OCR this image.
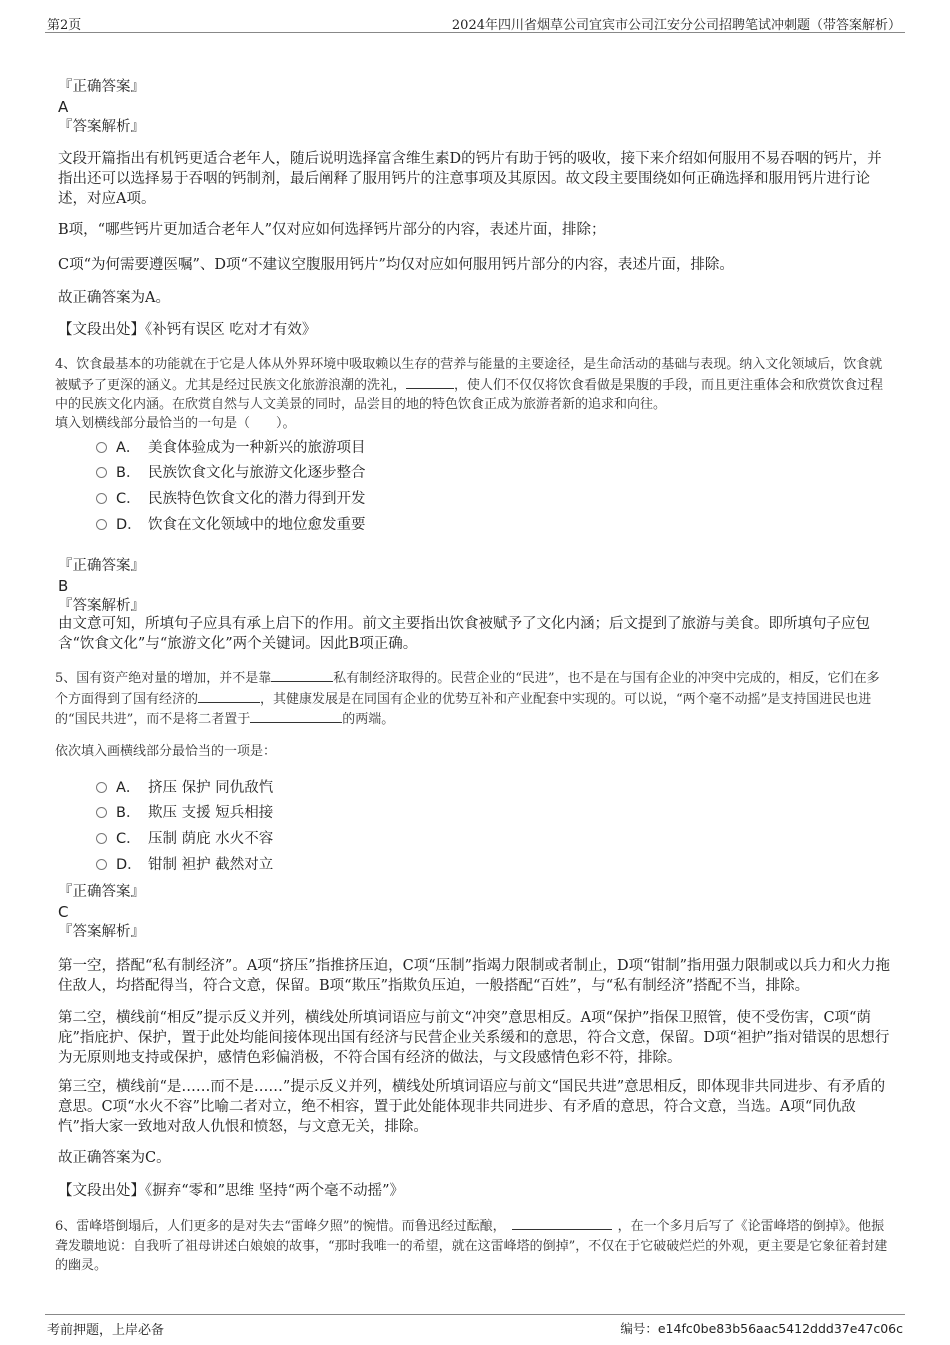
第2页	2024年四川省烟草公司宜宾市公司江安分公司招聘笔试冲刺题（带答案解析）
『正确答案』
A
『答案解析』
文段开篇指出有机钙更适合老年人，随后说明选择富含维生素D的钙片有助于钙的吸收，接下来介绍如何服用不易吞咽的钙片，并指出还可以选择易于吞咽的钙制剂，最后阐释了服用钙片的注意事项及其原因。故文段主要围绕如何正确选择和服用钙片进行论述，对应A项。
B项，“哪些钙片更加适合老年人”仅对应如何选择钙片部分的内容，表述片面，排除；
C项“为何需要遵医嘱”、D项“不建议空腹服用钙片”均仅对应如何服用钙片部分的内容，表述片面，排除。
故正确答案为A。
【文段出处】《补钙有误区 吃对才有效》
4、饮食最基本的功能就在于它是人体从外界环境中吸取赖以生存的营养与能量的主要途径，是生命活动的基础与表现。纳入文化领域后，饮食就被赋予了更深的涵义。尤其是经过民族文化旅游浪潮的洗礼，	，使人们不仅仅将饮食看做是果腹的手段，而且更注重体会和欣赏饮食过程中的民族文化内涵。在欣赏自然与人文美景的同时，品尝目的地的特色饮食正成为旅游者新的追求和向往。
填入划横线部分最恰当的一句是（　　）。
A． 美食体验成为一种新兴的旅游项目
B． 民族饮食文化与旅游文化逐步整合
C． 民族特色饮食文化的潜力得到开发
D． 饮食在文化领域中的地位愈发重要
『正确答案』
B
『答案解析』
由文意可知，所填句子应具有承上启下的作用。前文主要指出饮食被赋予了文化内涵；后文提到了旅游与美食。即所填句子应包含“饮食文化”与“旅游文化”两个关键词。因此B项正确。
5、国有资产绝对量的增加，并不是靠	私有制经济取得的。民营企业的“民进”，也不是在与国有企业的冲突中完成的，相反，它们在多个方面得到了国有经济的	，其健康发展是在同国有企业的优势互补和产业配套中实现的。可以说，“两个毫不动摇”是支持国进民也进的“国民共进”，而不是将二者置于	的两端。
依次填入画横线部分最恰当的一项是：
A． 挤压 保护 同仇敌忾
B． 欺压 支援 短兵相接
C． 压制 荫庇 水火不容
D． 钳制 袒护 截然对立
『正确答案』
C
『答案解析』
第一空，搭配“私有制经济”。A项“挤压”指推挤压迫，C项“压制”指竭力限制或者制止，D项“钳制”指用强力限制或以兵力和火力拖住敌人，均搭配得当，符合文意，保留。B项“欺压”指欺负压迫，一般搭配“百姓”，与“私有制经济”搭配不当，排除。
第二空，横线前“相反”提示反义并列，横线处所填词语应与前文“冲突”意思相反。A项“保护”指保卫照管，使不受伤害，C项“荫庇”指庇护、保护，置于此处均能间接体现出国有经济与民营企业关系缓和的意思，符合文意，保留。D项“袒护”指对错误的思想行为无原则地支持或保护，感情色彩偏消极，不符合国有经济的做法，与文段感情色彩不符，排除。
第三空，横线前“是……而不是……”提示反义并列，横线处所填词语应与前文“国民共进”意思相反，即体现非共同进步、有矛盾的意思。C项“水火不容”比喻二者对立，绝不相容，置于此处能体现非共同进步、有矛盾的意思，符合文意，当选。A项“同仇敌忾”指大家一致地对敌人仇恨和愤怒，与文意无关，排除。
故正确答案为C。
【文段出处】《摒弃“零和”思维 坚持“两个毫不动摇”》
6、雷峰塔倒塌后，人们更多的是对失去“雷峰夕照”的惋惜。而鲁迅经过酝酿，	，在一个多月后写了《论雷峰塔的倒掉》。他振聋发聩地说：自我听了祖母讲述白娘娘的故事，“那时我唯一的希望，就在这雷峰塔的倒掉”，不仅在于它破破烂烂的外观，更主要是它象征着封建的幽灵。
考前押题，上岸必备	编号：e14fc0be83b56aac5412ddd37e47c06c
